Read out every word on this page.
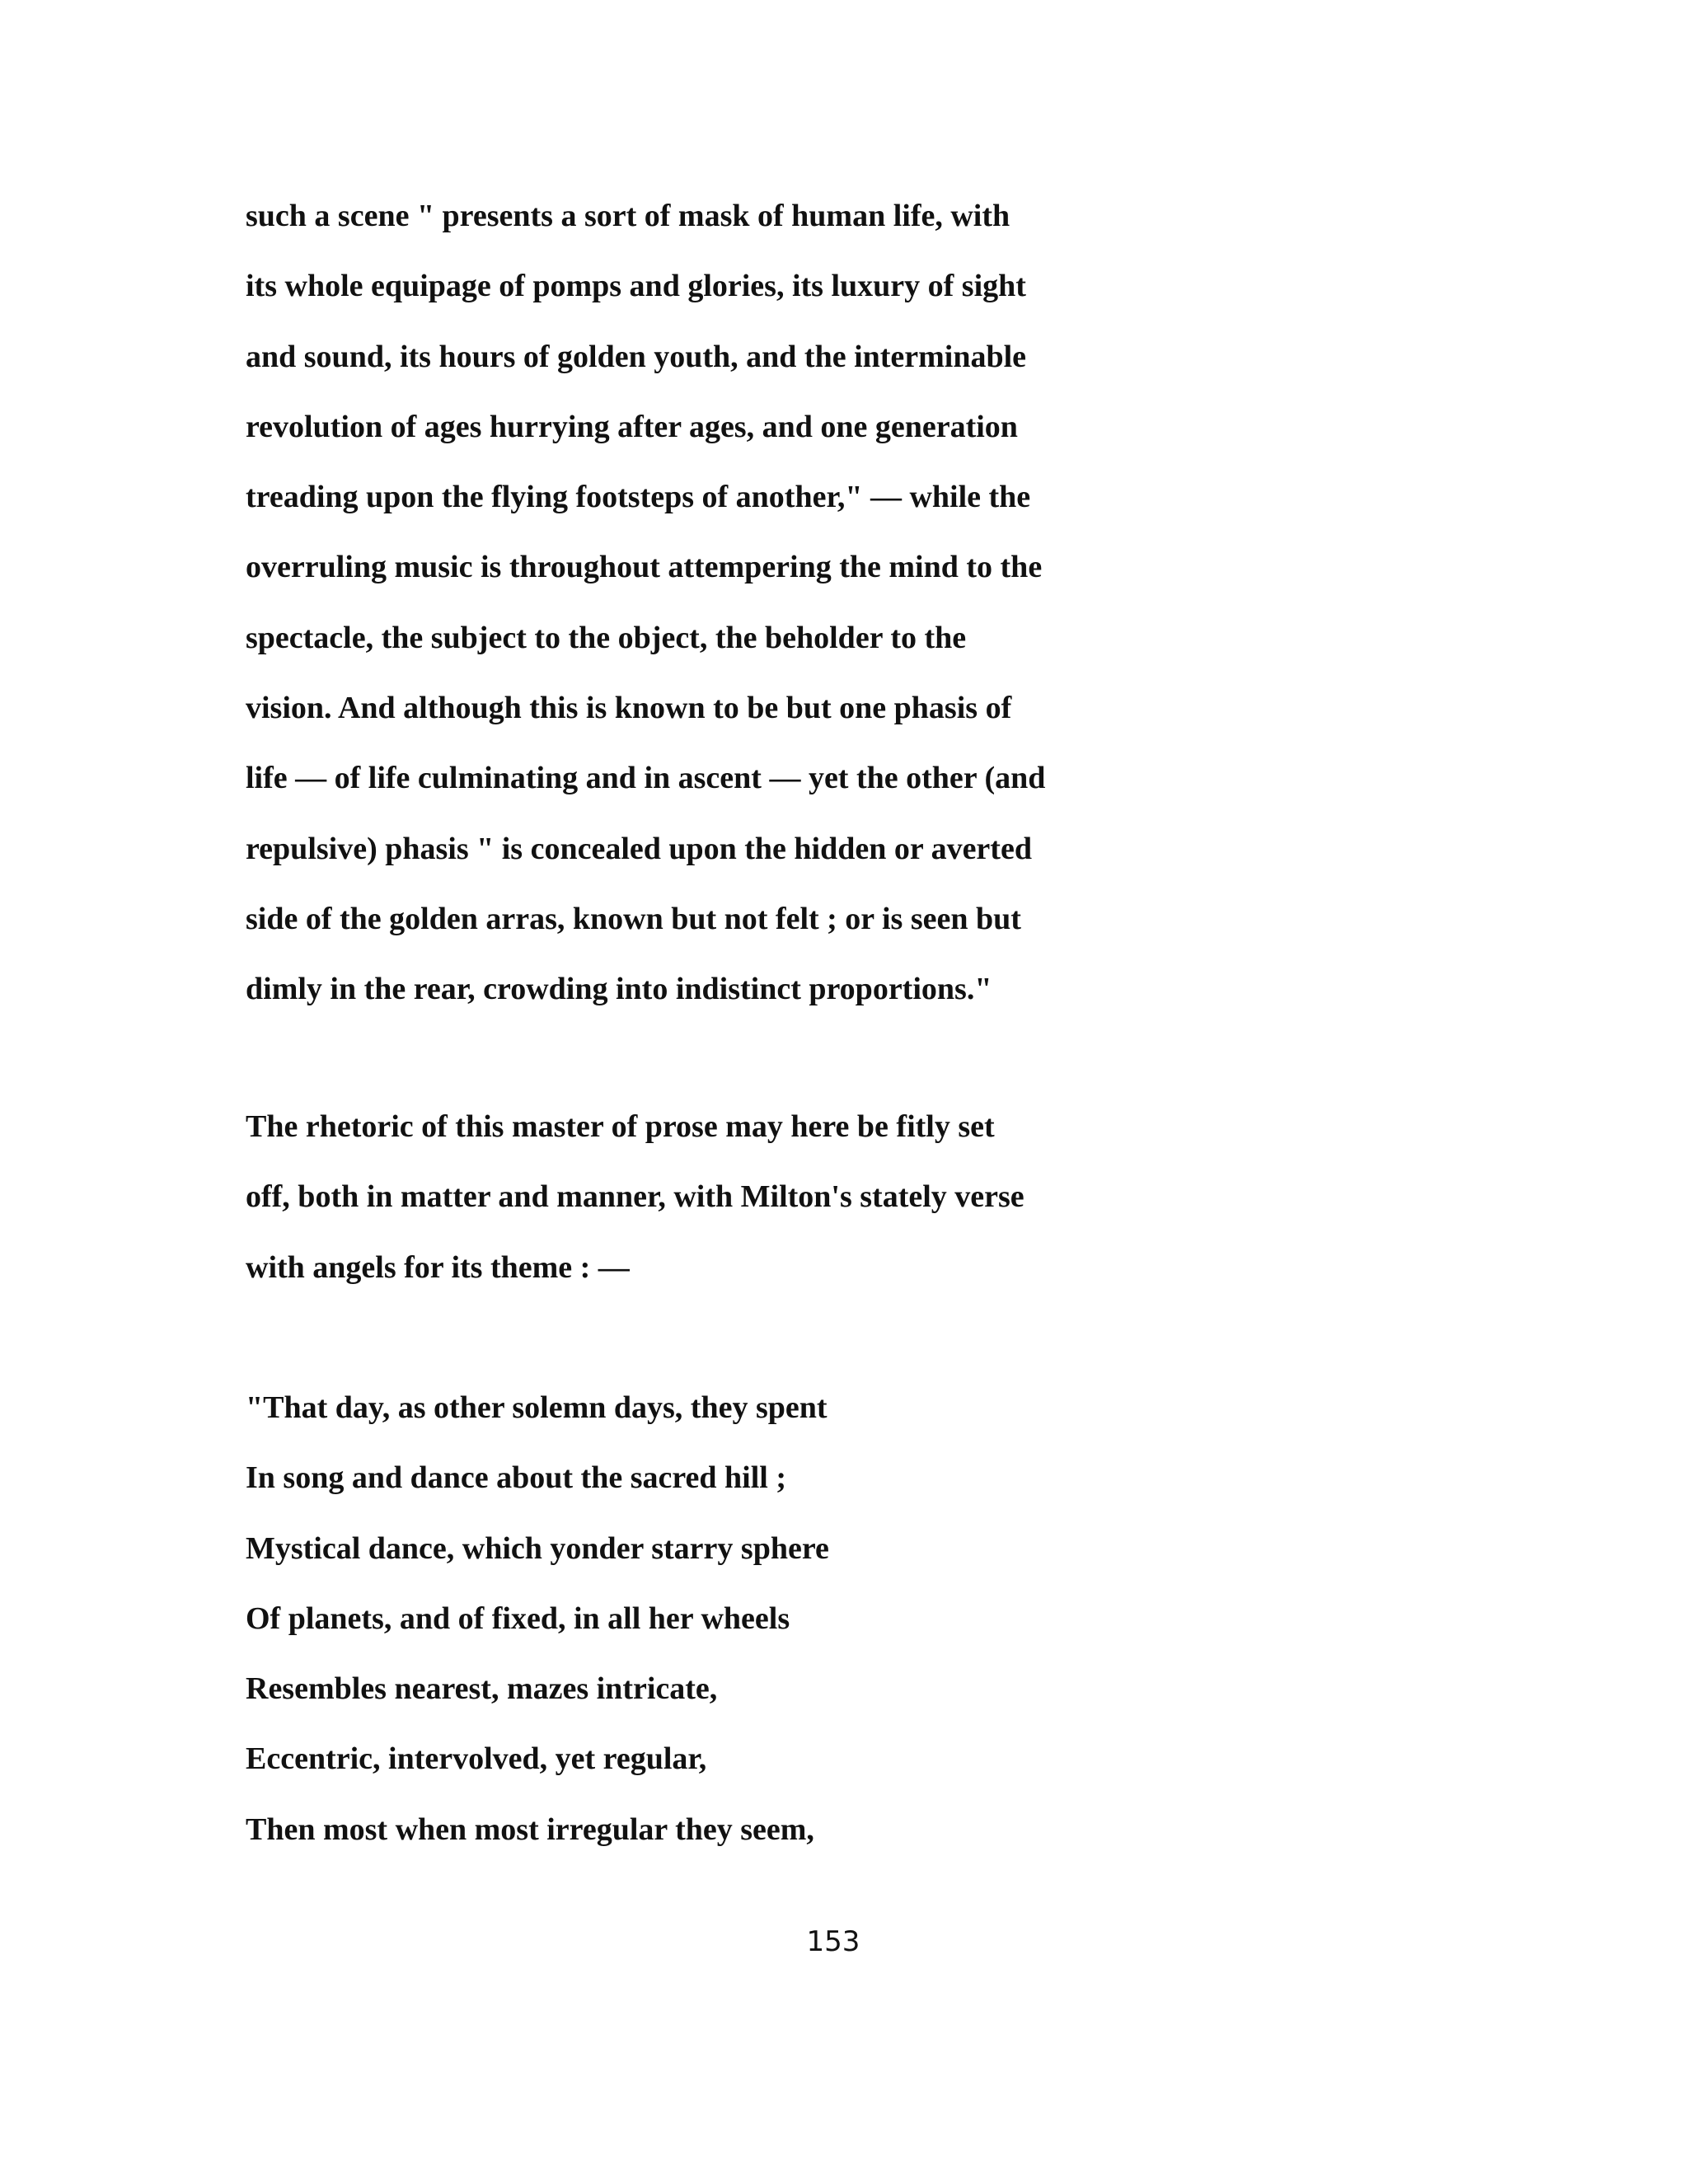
such a scene " presents a sort of mask of human life, with
its whole equipage of pomps and glories, its luxury of sight
and sound, its hours of golden youth, and the interminable
revolution of ages hurrying after ages, and one generation
treading upon the flying footsteps of another," — while the
overruling music is throughout attempering the mind to the
spectacle, the subject to the object, the beholder to the
vision. And although this is known to be but one phasis of
life — of life culminating and in ascent — yet the other (and
repulsive) phasis " is concealed upon the hidden or averted
side of the golden arras, known but not felt ; or is seen but
dimly in the rear, crowding into indistinct proportions."
The rhetoric of this master of prose may here be fitly set
off, both in matter and manner, with Milton's stately verse
with angels for its theme : —
"That day, as other solemn days, they spent
In song and dance about the sacred hill ;
Mystical dance, which yonder starry sphere
Of planets, and of fixed, in all her wheels
Resembles nearest, mazes intricate,
Eccentric, intervolved, yet regular,
Then most when most irregular they seem,
153
